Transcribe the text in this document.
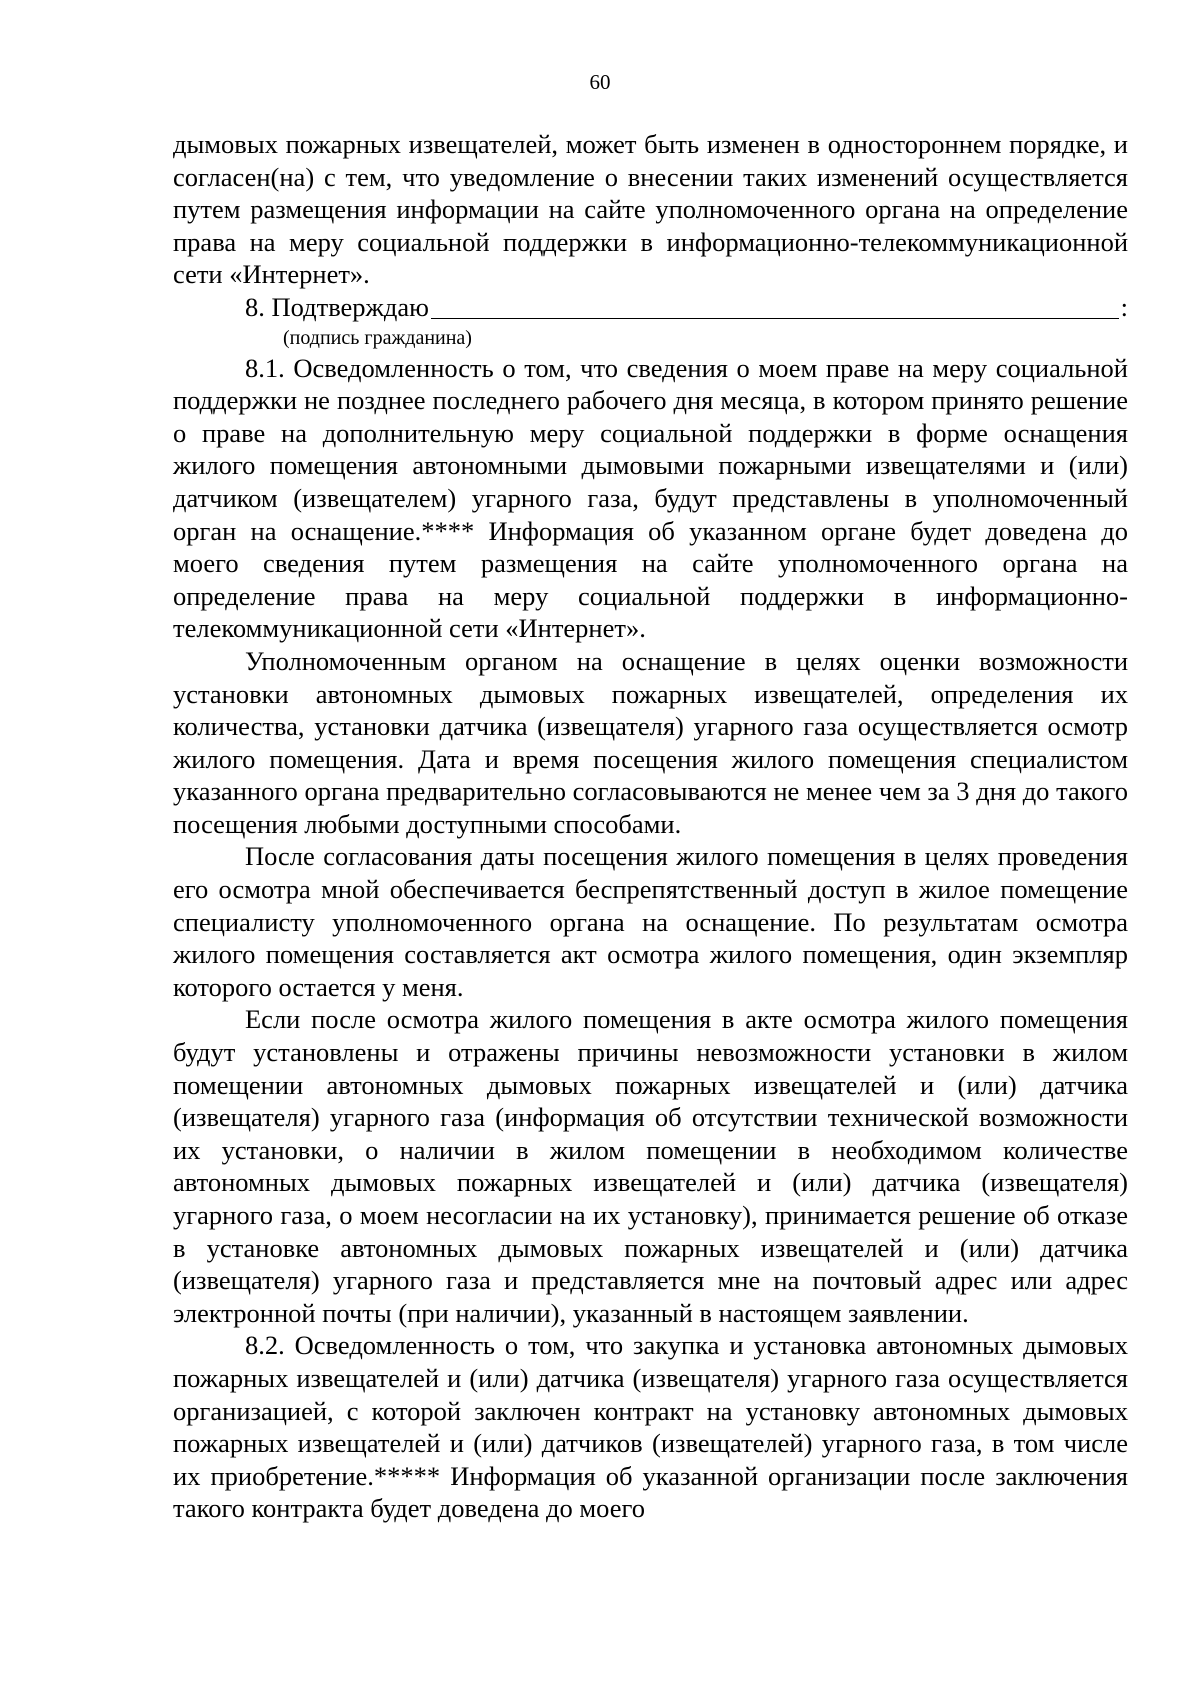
60

дымовых пожарных извещателей, может быть изменен в одностороннем порядке, и согласен(на) с тем, что уведомление о внесении таких изменений осуществляется путем размещения информации на сайте уполномоченного органа на определение права на меру социальной поддержки в информационно-телекоммуникационной сети «Интернет».

8. Подтверждаю	:

(подпись гражданина)

8.1. Осведомленность о том, что сведения о моем праве на меру социальной поддержки не позднее последнего рабочего дня месяца, в котором принято решение о праве на дополнительную меру социальной поддержки в форме оснащения жилого помещения автономными дымовыми пожарными извещателями и (или) датчиком (извещателем) угарного газа, будут представлены в уполномоченный орган на оснащение.**** Информация об указанном органе будет доведена до моего сведения путем размещения на сайте уполномоченного органа на определение права на меру социальной поддержки в информационно-телекоммуникационной сети «Интернет».

Уполномоченным органом на оснащение в целях оценки возможности установки автономных дымовых пожарных извещателей, определения их количества, установки датчика (извещателя) угарного газа осуществляется осмотр жилого помещения. Дата и время посещения жилого помещения специалистом указанного органа предварительно согласовываются не менее чем за 3 дня до такого посещения любыми доступными способами.

После согласования даты посещения жилого помещения в целях проведения его осмотра мной обеспечивается беспрепятственный доступ в жилое помещение специалисту уполномоченного органа на оснащение. По результатам осмотра жилого помещения составляется акт осмотра жилого помещения, один экземпляр которого остается у меня.

Если после осмотра жилого помещения в акте осмотра жилого помещения будут установлены и отражены причины невозможности установки в жилом помещении автономных дымовых пожарных извещателей и (или) датчика (извещателя) угарного газа (информация об отсутствии технической возможности их установки, о наличии в жилом помещении в необходимом количестве автономных дымовых пожарных извещателей и (или) датчика (извещателя) угарного газа, о моем несогласии на их установку), принимается решение об отказе в установке автономных дымовых пожарных извещателей и (или) датчика (извещателя) угарного газа и представляется мне на почтовый адрес или адрес электронной почты (при наличии), указанный в настоящем заявлении.

8.2. Осведомленность о том, что закупка и установка автономных дымовых пожарных извещателей и (или) датчика (извещателя) угарного газа осуществляется организацией, с которой заключен контракт на установку автономных дымовых пожарных извещателей и (или) датчиков (извещателей) угарного газа, в том числе их приобретение.***** Информация об указанной организации после заключения такого контракта будет доведена до моего
